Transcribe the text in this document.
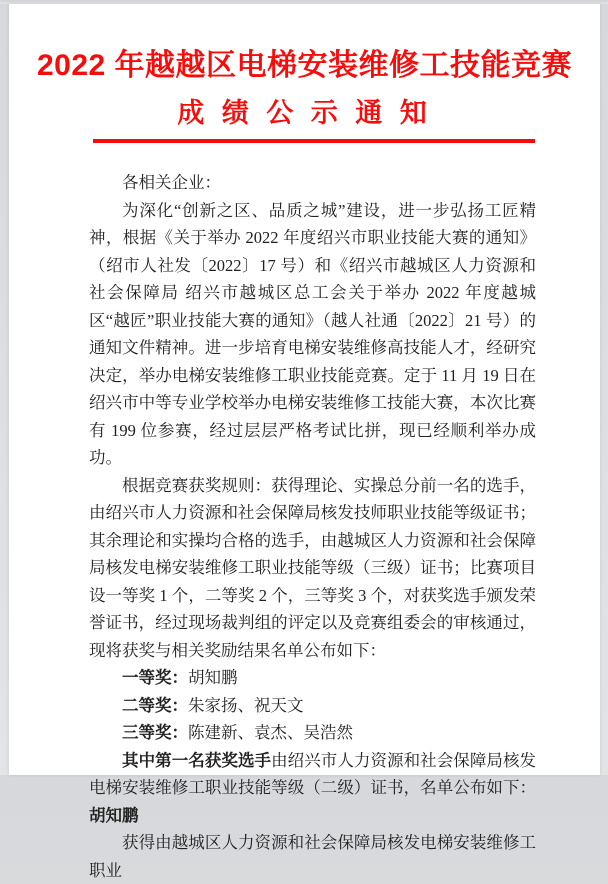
2022 年越越区电梯安装维修工技能竞赛
成 绩 公 示 通 知

各相关企业：

为深化“创新之区、品质之城”建设，进一步弘扬工匠精神，根据《关于举办 2022 年度绍兴市职业技能大赛的通知》（绍市人社发〔2022〕17 号）和《绍兴市越城区人力资源和社会保障局 绍兴市越城区总工会关于举办 2022 年度越城区“越匠”职业技能大赛的通知》（越人社通〔2022〕21 号）的通知文件精神。进一步培育电梯安装维修高技能人才，经研究决定，举办电梯安装维修工职业技能竞赛。定于 11 月 19 日在绍兴市中等专业学校举办电梯安装维修工技能大赛，本次比赛有 199 位参赛，经过层层严格考试比拼，现已经顺利举办成功。

根据竞赛获奖规则：获得理论、实操总分前一名的选手，由绍兴市人力资源和社会保障局核发技师职业技能等级证书；其余理论和实操均合格的选手，由越城区人力资源和社会保障局核发电梯安装维修工职业技能等级（三级）证书；比赛项目设一等奖 1 个，二等奖 2 个，三等奖 3 个，对获奖选手颁发荣誉证书，经过现场裁判组的评定以及竞赛组委会的审核通过，现将获奖与相关奖励结果名单公布如下：

一等奖：胡知鹏

二等奖：朱家扬、祝天文

三等奖：陈建新、袁杰、吴浩然

其中第一名获奖选手由绍兴市人力资源和社会保障局核发电梯安装维修工职业技能等级（二级）证书，名单公布如下：胡知鹏

获得由越城区人力资源和社会保障局核发电梯安装维修工职业
